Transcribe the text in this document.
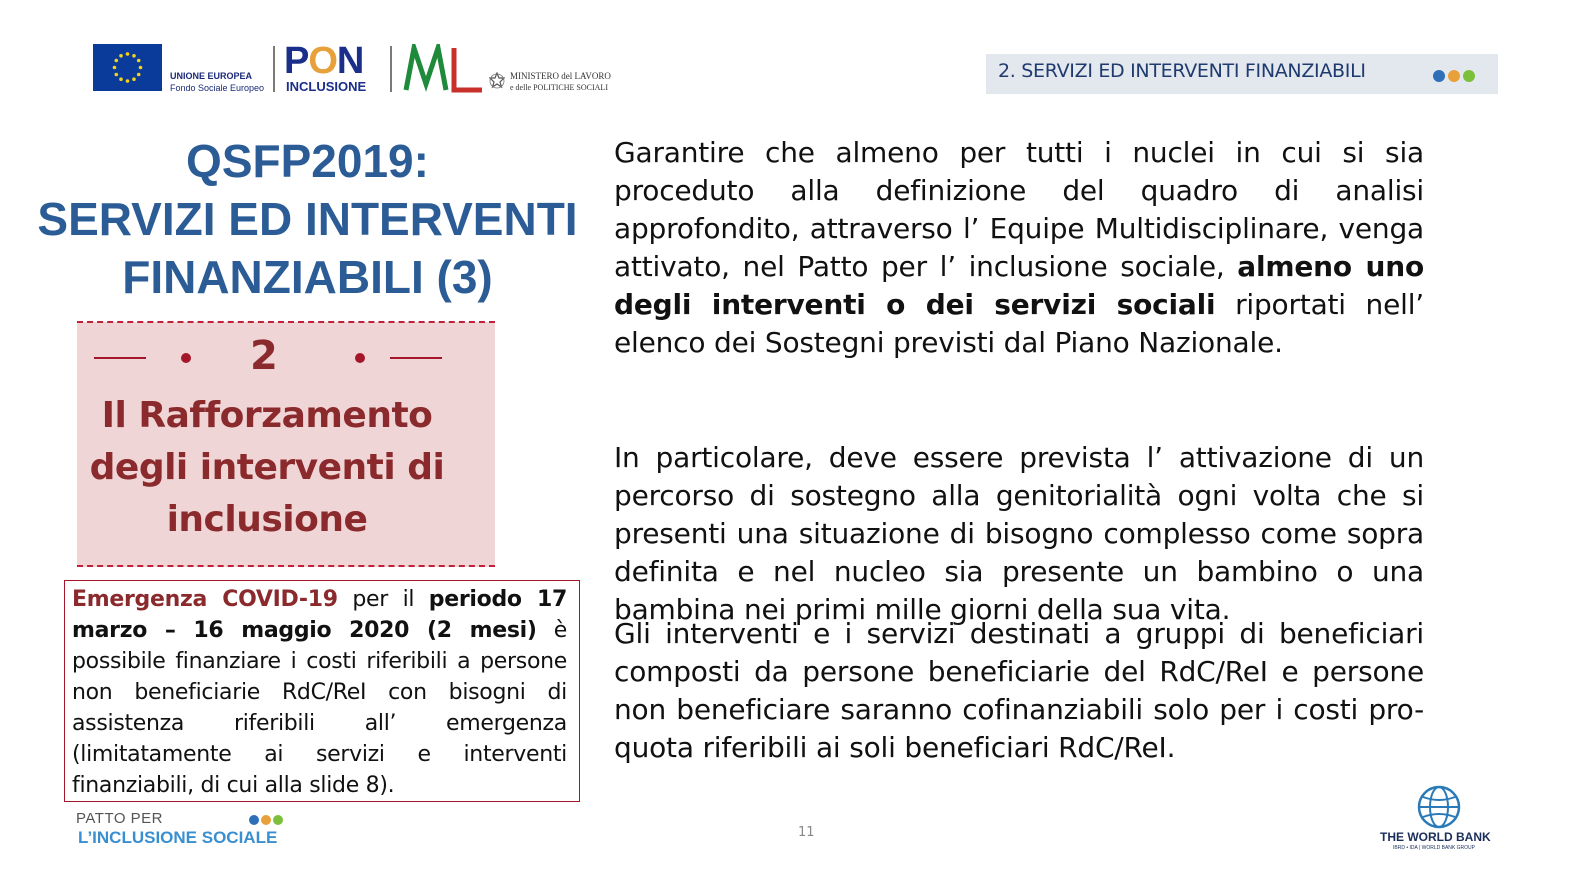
UNIONE EUROPEA
Fondo Sociale Europeo
PON
INCLUSIONE
MINISTERO del LAVORO
e delle POLITICHE SOCIALI
2. SERVIZI ED INTERVENTI FINANZIABILI
QSFP2019:
SERVIZI ED INTERVENTI
FINANZIABILI (3)
2
Il Rafforzamento degli interventi di inclusione
Emergenza COVID-19 per il periodo 17 marzo – 16 maggio 2020 (2 mesi) è possibile finanziare i costi riferibili a persone non beneficiarie RdC/ReI con bisogni di assistenza riferibili all’ emergenza (limitatamente ai servizi e interventi finanziabili, di cui alla slide 8).
Garantire che almeno per tutti i nuclei in cui si sia proceduto alla definizione del quadro di analisi approfondito, attraverso l’ Equipe Multidisciplinare, venga attivato, nel Patto per l’ inclusione sociale, almeno uno degli interventi o dei servizi sociali riportati nell’ elenco dei Sostegni previsti dal Piano Nazionale.
In particolare, deve essere prevista l’ attivazione di un percorso di sostegno alla genitorialità ogni volta che si presenti una situazione di bisogno complesso come sopra definita e nel nucleo sia presente un bambino o una bambina nei primi mille giorni della sua vita.
Gli interventi e i servizi destinati a gruppi di beneficiari composti da persone beneficiarie del RdC/ReI e persone non beneficiare saranno cofinanziabili solo per i costi pro-quota riferibili ai soli beneficiari RdC/ReI.
PATTO PER
L’INCLUSIONE SOCIALE	11	THE WORLD BANK
IBRD • IDA | WORLD BANK GROUP
